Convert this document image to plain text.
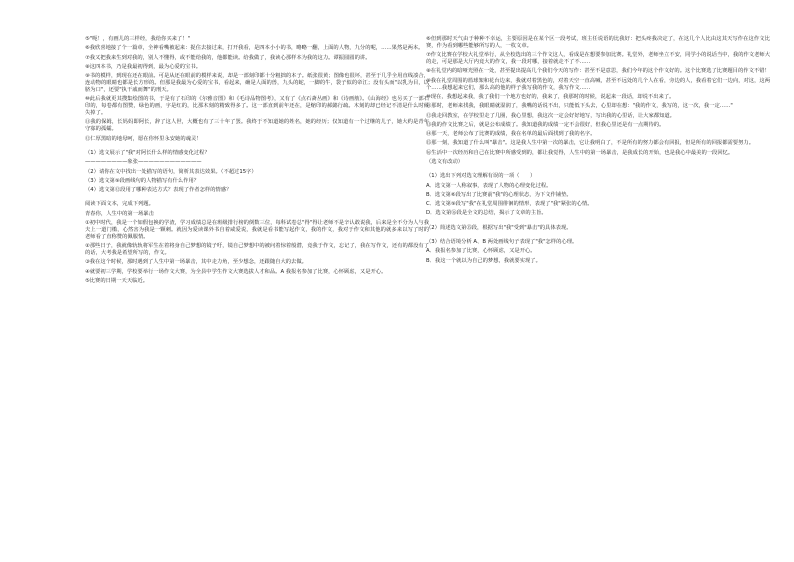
⑤"呃！，有画儿的三样经，我给你买来了！"

⑥我欣喜地接了个一篇章，全神看嘴被起来：捉住去接过来，打开我看，是四本小小的书，略略一翻，上面的人物，九分的呢，……果然是两本。

⑦我又把我来生到对我的，别人不懂得，或不能给我的，他都能读。给我做了，我读心那样本为我的这力。谭振圆圆的讲。

⑧这四本书，乃是我最初得到，最为心爱的宝书。

⑨书的模样，到现在还在眼前。可是从还在眼前的模样来说，却是一部刻印都十分粗拙的本子。纸张很黄；图像也很坏，甚至于几乎全用直线凑合，连动物的眼睛也都是长方形的。但那是我最为心爱的宝书，看起来，确是人面的兽，九头的蛇，一脚的牛，袋子似的帝江；没有头而"以乳为目，以脐为口"，还要"执干戚而舞"的刑天。

⑩此后我就更其搜集绘图的书，于是有了石印的《尔雅音图》和《毛诗品物图考》，又有了《点石斋丛画》和《诗画舫》。《山海经》也另买了一部石印的，每卷都有图赞，绿色的画，字是红的，比那木刻的精致得多了。这一部直到前年还在，是缩印的郝懿行疏。木刻的却已经记不清是什么时候失掉了。

⑪我的保姆，长妈妈即阿长，辞了这人世，大概也有了三十年了罢。我终于不知道她的姓名，她的经历；仅知道有一个过继的儿子，她大约是青年守寡的孤孀。

⑫仁厚黑暗的地母呵，愿在你怀里永安她的魂灵！

（1）选文展示了"我"对阿长什么样的情感变化过程？

————————象张————————————

（2）请你在文中找出一处描写的语句，简析其表达效果。（不超过15字）

（3）选文第⑨段画线句的人物描写有什么作用？

（4）选文第⑫段用了哪种表达方式？表现了作者怎样的情感？

阅读下面文本，完成下列题。

青春你，人生中的第一场暴击

①初中时代，我是一个如假包换的学渣，学习成绩总是在班级排行榜的倒数三位，每科试卷总"得"得让老师不是辛认敢说我，后来是全不分为人与我夫上一道门槛，心然害为我是一颗刺。就因为爱读课外书自着咸爱说，我就是看书能写起作文，我的作文，我对于作文和其他的就多来以写了时的老师看了直称赞的佩服情。

②那些日子，我就像轨轨将军生在着将身自己梦想的镜子吁，镜自己梦想中的被问着惊着般潜，竟我于作文，忘记了，我在写作文，还有的都没有了的话，大考我是希望所写的，作文。

③我在这个时候，那时遇到了人生中第一场暴击，其中走力角，至少想念，还跟随自大的去做。

④就要初三学期，学校要举行一场作文大赛，为全县中学生作文大赛选拔人才和品。A 我报名参加了比赛，心怀顾虑，又是开心。

⑤比赛的日期一天天临近。

⑥但到那时天气由于种种不幸运，主要原因是在某个区一段考试，班主任说语的比我好：把头疼我决定了，在这几个人比由这其天写作在这作文比赛，作为看到哪些能够所写的人，一枚文章。

⑦作文比赛在学校大礼堂举行，从全校选出的三个作文这人，看成是在想要参加比赛。礼堂外，老师坐立不安，同学小的说话当中，我的作文老师大的走，可是那是大厅内竟大的作文，我一段对哪，接着就走不了不……

⑧在礼堂内的暗哑光照在一处，甚至提出提高几个我们今天的写作：甚至不是意思，我们今年的这个作文好的。这个比赛选了比赛题目的作文不错！

⑨我在礼堂周围的篮球架和花台边来，我就对着黑色的，对着天空一直高喊，甚至不远处的几个人在看，旁边的人，我看着它们一边向，对这，这两个……我想起来它们，那么高的他的样子我写我的作文，我写作文……

⑩现在，我想起来我，我了我们一个地方也好的，我来了，我那时的时候，说起来一段话，却说不出来了。

⑪那时，老师来找我，我眼睛就湿润了，我嘴的话说不出，只能低下头去，心里却在想："我的作文，我写的，这一次，我一定……"

⑫我走回教室，在学校里走了几圈，我心里想，我这次一定会好好地写，写出我的心里话，让大家都知道。

⑬我的作文比赛之后，就是公布成绩了。我知道我的成绩一定不会很好，但我心里还是有一点期待的。

⑭那一天，老师公布了比赛的成绩，我在名单的最后面找到了我的名字。

⑮那一刻，我知道了什么叫"暴击"。这是我人生中第一次的暴击，它让我明白了，不是所有的努力都会有回报，但是所有的回报都需要努力。

⑯生活中一次经历和自己在比赛中所感受到的，都让我觉得，人生中的第一场暴击，是我成长的开始，也是我心中最美的一段回忆。

（选文有改动）

（1）选出下列对选文理解有误的一项（　　）

A．选文第一人称叙事，表现了人物的心理变化过程。

B．选文第⑥段写出了比赛前"我"的心理状态，为下文作铺垫。

C．选文第⑨段写"我"在礼堂周围徘徊的情形，表现了"我"紧张的心情。

D．选文第⑯段是全文的总结，揭示了文章的主旨。

（2）简述选文第⑮段，根据写出"我"受到"暴击"的具体表现。

（3）结合语境分析 A、B 两处画线句子表现了"我"怎样的心理。

A．我报名参加了比赛，心怀顾虑，又是开心。

B．我这一个就以为自己的梦想，我就要实现了。
